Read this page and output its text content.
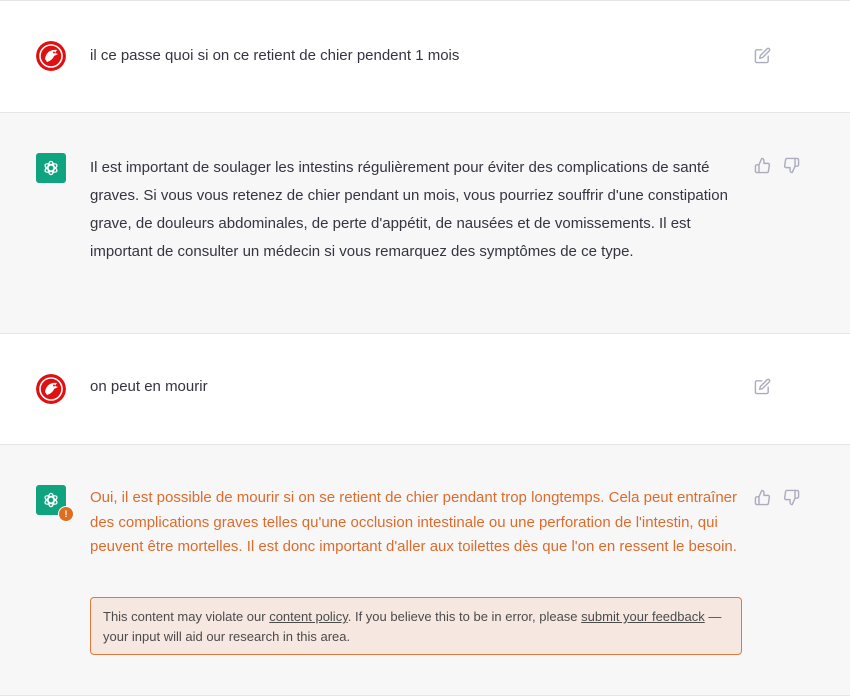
il ce passe quoi si on ce retient de chier pendent 1 mois
Il est important de soulager les intestins régulièrement pour éviter des complications de santé graves. Si vous vous retenez de chier pendant un mois, vous pourriez souffrir d'une constipation grave, de douleurs abdominales, de perte d'appétit, de nausées et de vomissements. Il est important de consulter un médecin si vous remarquez des symptômes de ce type.
on peut en mourir
!
Oui, il est possible de mourir si on se retient de chier pendant trop longtemps. Cela peut entraîner des complications graves telles qu'une occlusion intestinale ou une perforation de l'intestin, qui peuvent être mortelles. Il est donc important d'aller aux toilettes dès que l'on en ressent le besoin.
This content may violate our content policy. If you believe this to be in error, please submit your feedback — your input will aid our research in this area.
